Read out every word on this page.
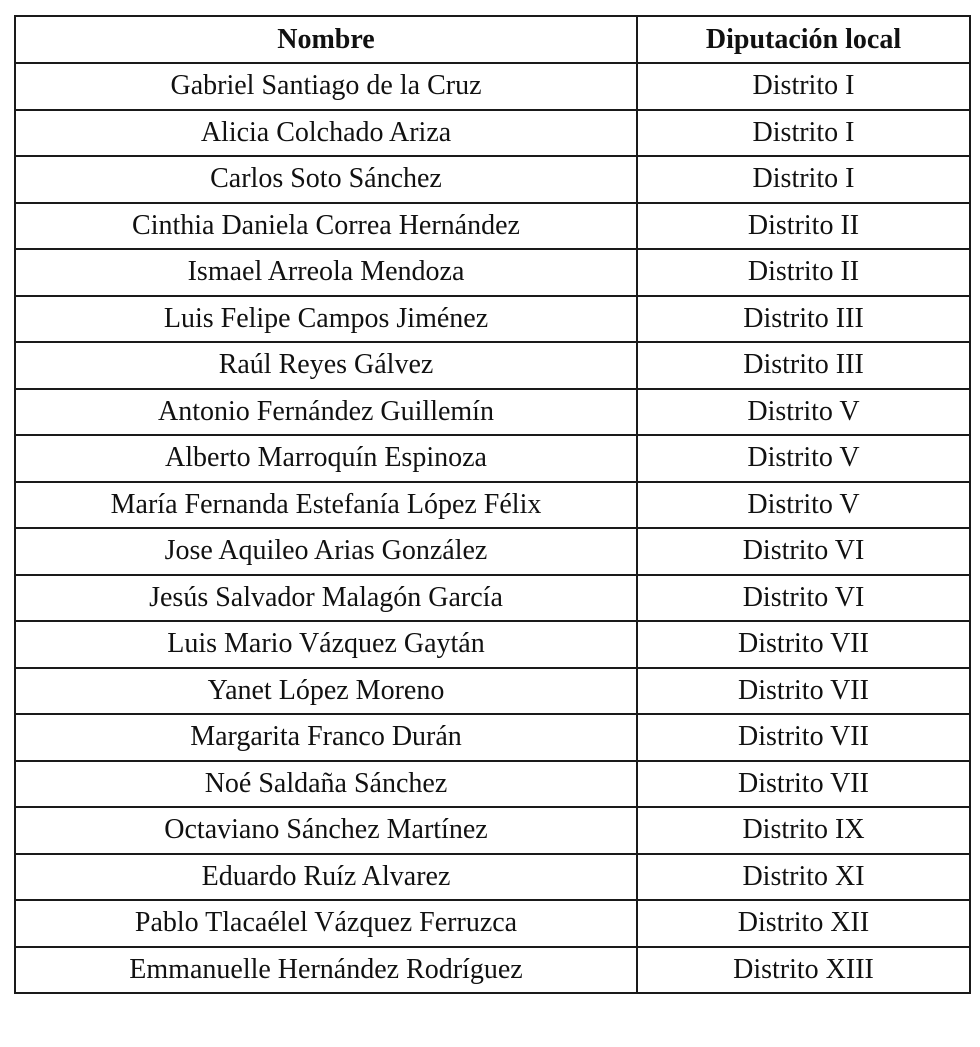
Nombre	Diputación local
Gabriel Santiago de la Cruz	Distrito I
Alicia Colchado Ariza	Distrito I
Carlos Soto Sánchez	Distrito I
Cinthia Daniela Correa Hernández	Distrito II
Ismael Arreola Mendoza	Distrito II
Luis Felipe Campos Jiménez	Distrito III
Raúl Reyes Gálvez	Distrito III
Antonio Fernández Guillemín	Distrito V
Alberto Marroquín Espinoza	Distrito V
María Fernanda Estefanía López Félix	Distrito V
Jose Aquileo Arias González	Distrito VI
Jesús Salvador Malagón García	Distrito VI
Luis Mario Vázquez Gaytán	Distrito VII
Yanet López Moreno	Distrito VII
Margarita Franco Durán	Distrito VII
Noé Saldaña Sánchez	Distrito VII
Octaviano Sánchez Martínez	Distrito IX
Eduardo Ruíz Alvarez	Distrito XI
Pablo Tlacaélel Vázquez Ferruzca	Distrito XII
Emmanuelle Hernández Rodríguez	Distrito XIII
